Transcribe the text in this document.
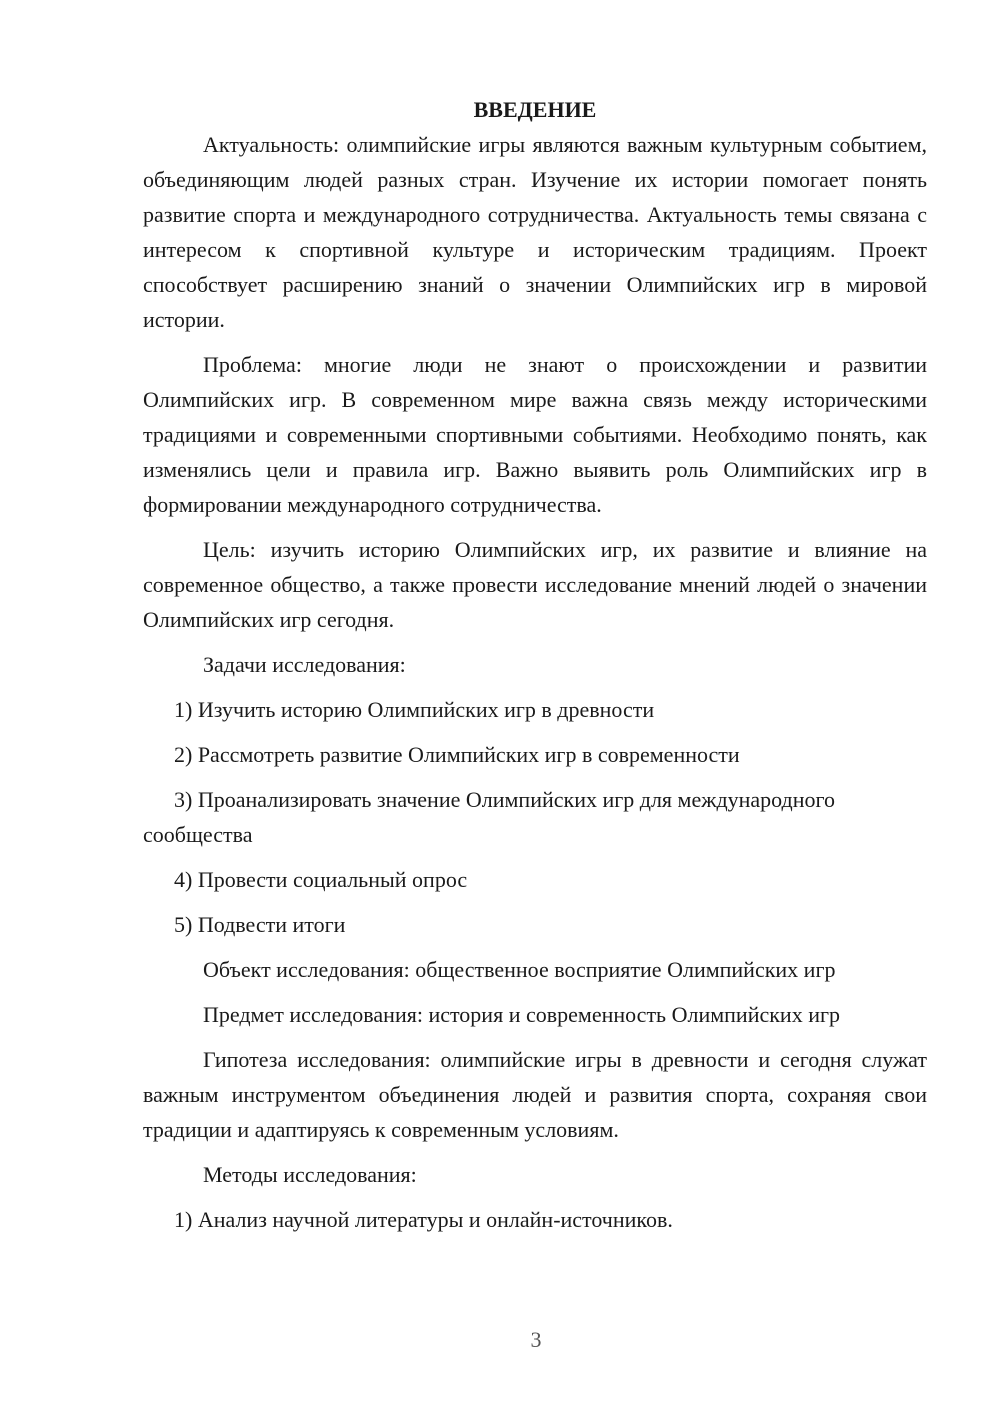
ВВЕДЕНИЕ

Актуальность: олимпийские игры являются важным культурным событием, объединяющим людей разных стран. Изучение их истории помогает понять развитие спорта и международного сотрудничества. Актуальность темы связана с интересом к спортивной культуре и историческим традициям. Проект способствует расширению знаний о значении Олимпийских игр в мировой истории.

Проблема: многие люди не знают о происхождении и развитии Олимпийских игр. В современном мире важна связь между историческими традициями и современными спортивными событиями. Необходимо понять, как изменялись цели и правила игр. Важно выявить роль Олимпийских игр в формировании международного сотрудничества.

Цель: изучить историю Олимпийских игр, их развитие и влияние на современное общество, а также провести исследование мнений людей о значении Олимпийских игр сегодня.

Задачи исследования:

1) Изучить историю Олимпийских игр в древности

2) Рассмотреть развитие Олимпийских игр в современности

3) Проанализировать значение Олимпийских игр для международного сообщества

4) Провести социальный опрос

5) Подвести итоги

Объект исследования: общественное восприятие Олимпийских игр

Предмет исследования: история и современность Олимпийских игр

Гипотеза исследования: олимпийские игры в древности и сегодня служат важным инструментом объединения людей и развития спорта, сохраняя свои традиции и адаптируясь к современным условиям.

Методы исследования:

1) Анализ научной литературы и онлайн-источников.

3
